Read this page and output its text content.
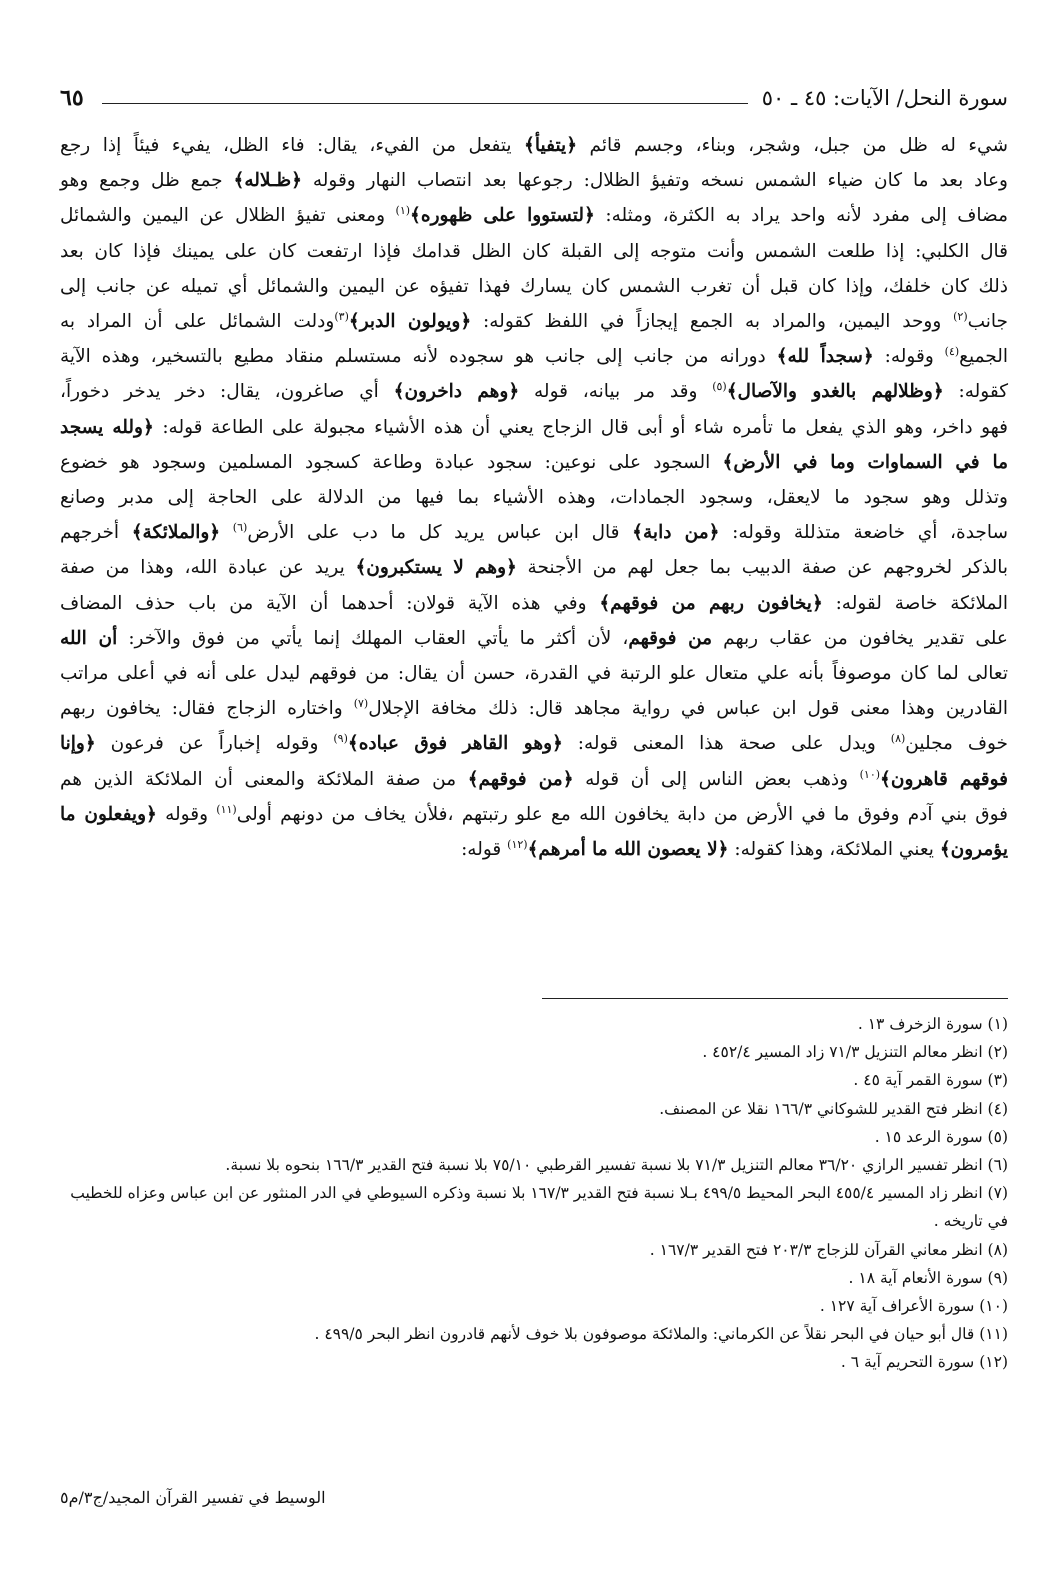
سورة النحل/ الآيات: ٤٥ ـ ٥٠
٦٥

شيء له ظل من جبل، وشجر، وبناء، وجسم قائم ﴿يتفيأ﴾ يتفعل من الفيء، يقال: فاء الظل، يفيء فيئاً إذا رجع

وعاد بعد ما كان ضياء الشمس نسخه وتفيؤ الظلال: رجوعها بعد انتصاب النهار وقوله ﴿ظـلاله﴾ جمع ظل وجمع وهو

مضاف إلى مفرد لأنه واحد يراد به الكثرة، ومثله: ﴿لتستووا على ظهوره﴾$^{(١)}$ ومعنى تفيؤ الظلال عن اليمين والشمائل

قال الكلبي: إذا طلعت الشمس وأنت متوجه إلى القبلة كان الظل قدامك فإذا ارتفعت كان على يمينك فإذا كان بعد

ذلك كان خلفك، وإذا كان قبل أن تغرب الشمس كان يسارك فهذا تفيؤه عن اليمين والشمائل أي تميله عن جانب إلى

جانب$^{(٢)}$ ووحد اليمين، والمراد به الجمع إيجازاً في اللفظ كقوله: ﴿ويولون الدبر﴾$^{(٣)}$ودلت الشمائل على أن المراد به

الجميع$^{(٤)}$ وقوله: ﴿سجداً لله﴾ دورانه من جانب إلى جانب هو سجوده لأنه مستسلم منقاد مطيع بالتسخير، وهذه الآية

كقوله: ﴿وظلالهم بالغدو والآصال﴾$^{(٥)}$ وقد مر بيانه، قوله ﴿وهم داخرون﴾ أي صاغرون، يقال: دخر يدخر دخوراً،

فهو داخر، وهو الذي يفعل ما تأمره شاء أو أبى قال الزجاج يعني أن هذه الأشياء مجبولة على الطاعة قوله: ﴿ولله يسجد

ما في السماوات وما في الأرض﴾ السجود على نوعين: سجود عبادة وطاعة كسجود المسلمين وسجود هو خضوع

وتذلل وهو سجود ما لايعقل، وسجود الجمادات، وهذه الأشياء بما فيها من الدلالة على الحاجة إلى مدبر وصانع

ساجدة، أي خاضعة متذللة وقوله: ﴿من دابة﴾ قال ابن عباس يريد كل ما دب على الأرض$^{(٦)}$ ﴿والملائكة﴾ أخرجهم

بالذكر لخروجهم عن صفة الدبيب بما جعل لهم من الأجنحة ﴿وهم لا يستكبرون﴾ يريد عن عبادة الله، وهذا من صفة

الملائكة خاصة لقوله: ﴿يخافون ربهم من فوقهم﴾ وفي هذه الآية قولان: أحدهما أن الآية من باب حذف المضاف

على تقدير يخافون من عقاب ربهم من فوقهم، لأن أكثر ما يأتي العقاب المهلك إنما يأتي من فوق والآخر: أن الله

تعالى لما كان موصوفاً بأنه علي متعال علو الرتبة في القدرة، حسن أن يقال: من فوقهم ليدل على أنه في أعلى مراتب

القادرين وهذا معنى قول ابن عباس في رواية مجاهد قال: ذلك مخافة الإجلال$^{(٧)}$ واختاره الزجاج فقال: يخافون ربهم

خوف مجلين$^{(٨)}$ ويدل على صحة هذا المعنى قوله: ﴿وهو القاهر فوق عباده﴾$^{(٩)}$ وقوله إخباراً عن فرعون ﴿وإنا

فوقهم قاهرون﴾$^{(١٠)}$ وذهب بعض الناس إلى أن قوله ﴿من فوقهم﴾ من صفة الملائكة والمعنى أن الملائكة الذين هم

فوق بني آدم وفوق ما في الأرض من دابة يخافون الله مع علو رتبتهم ،فلأن يخاف من دونهم أولى$^{(١١)}$ وقوله ﴿ويفعلون ما

يؤمرون﴾ يعني الملائكة، وهذا كقوله: ﴿لا يعصون الله ما أمرهم﴾$^{(١٢)}$ قوله:

(١) سورة الزخرف ١٣ .

(٢) انظر معالم التنزيل ٧١/٣ زاد المسير ٤٥٢/٤ .

(٣) سورة القمر آية ٤٥ .

(٤) انظر فتح القدير للشوكاني ١٦٦/٣ نقلا عن المصنف.

(٥) سورة الرعد ١٥ .

(٦) انظر تفسير الرازي ٣٦/٢٠ معالم التنزيل ٧١/٣ بلا نسبة تفسير القرطبي ٧٥/١٠ بلا نسبة فتح القدير ١٦٦/٣ بنحوه بلا نسبة.

(٧) انظر زاد المسير ٤٥٥/٤ البحر المحيط ٤٩٩/٥ بـلا نسبة فتح القدير ١٦٧/٣ بلا نسبة وذكره السيوطي في الدر المنثور عن ابن عباس وعزاه للخطيب في تاريخه .

(٨) انظر معاني القرآن للزجاج ٢٠٣/٣ فتح القدير ١٦٧/٣ .

(٩) سورة الأنعام آية ١٨ .

(١٠) سورة الأعراف آية ١٢٧ .

(١١) قال أبو حيان في البحر نقلاً عن الكرماني: والملائكة موصوفون بلا خوف لأنهم قادرون انظر البحر ٤٩٩/٥ .

(١٢) سورة التحريم آية ٦ .

الوسيط في تفسير القرآن المجيد/ج٣/م٥
